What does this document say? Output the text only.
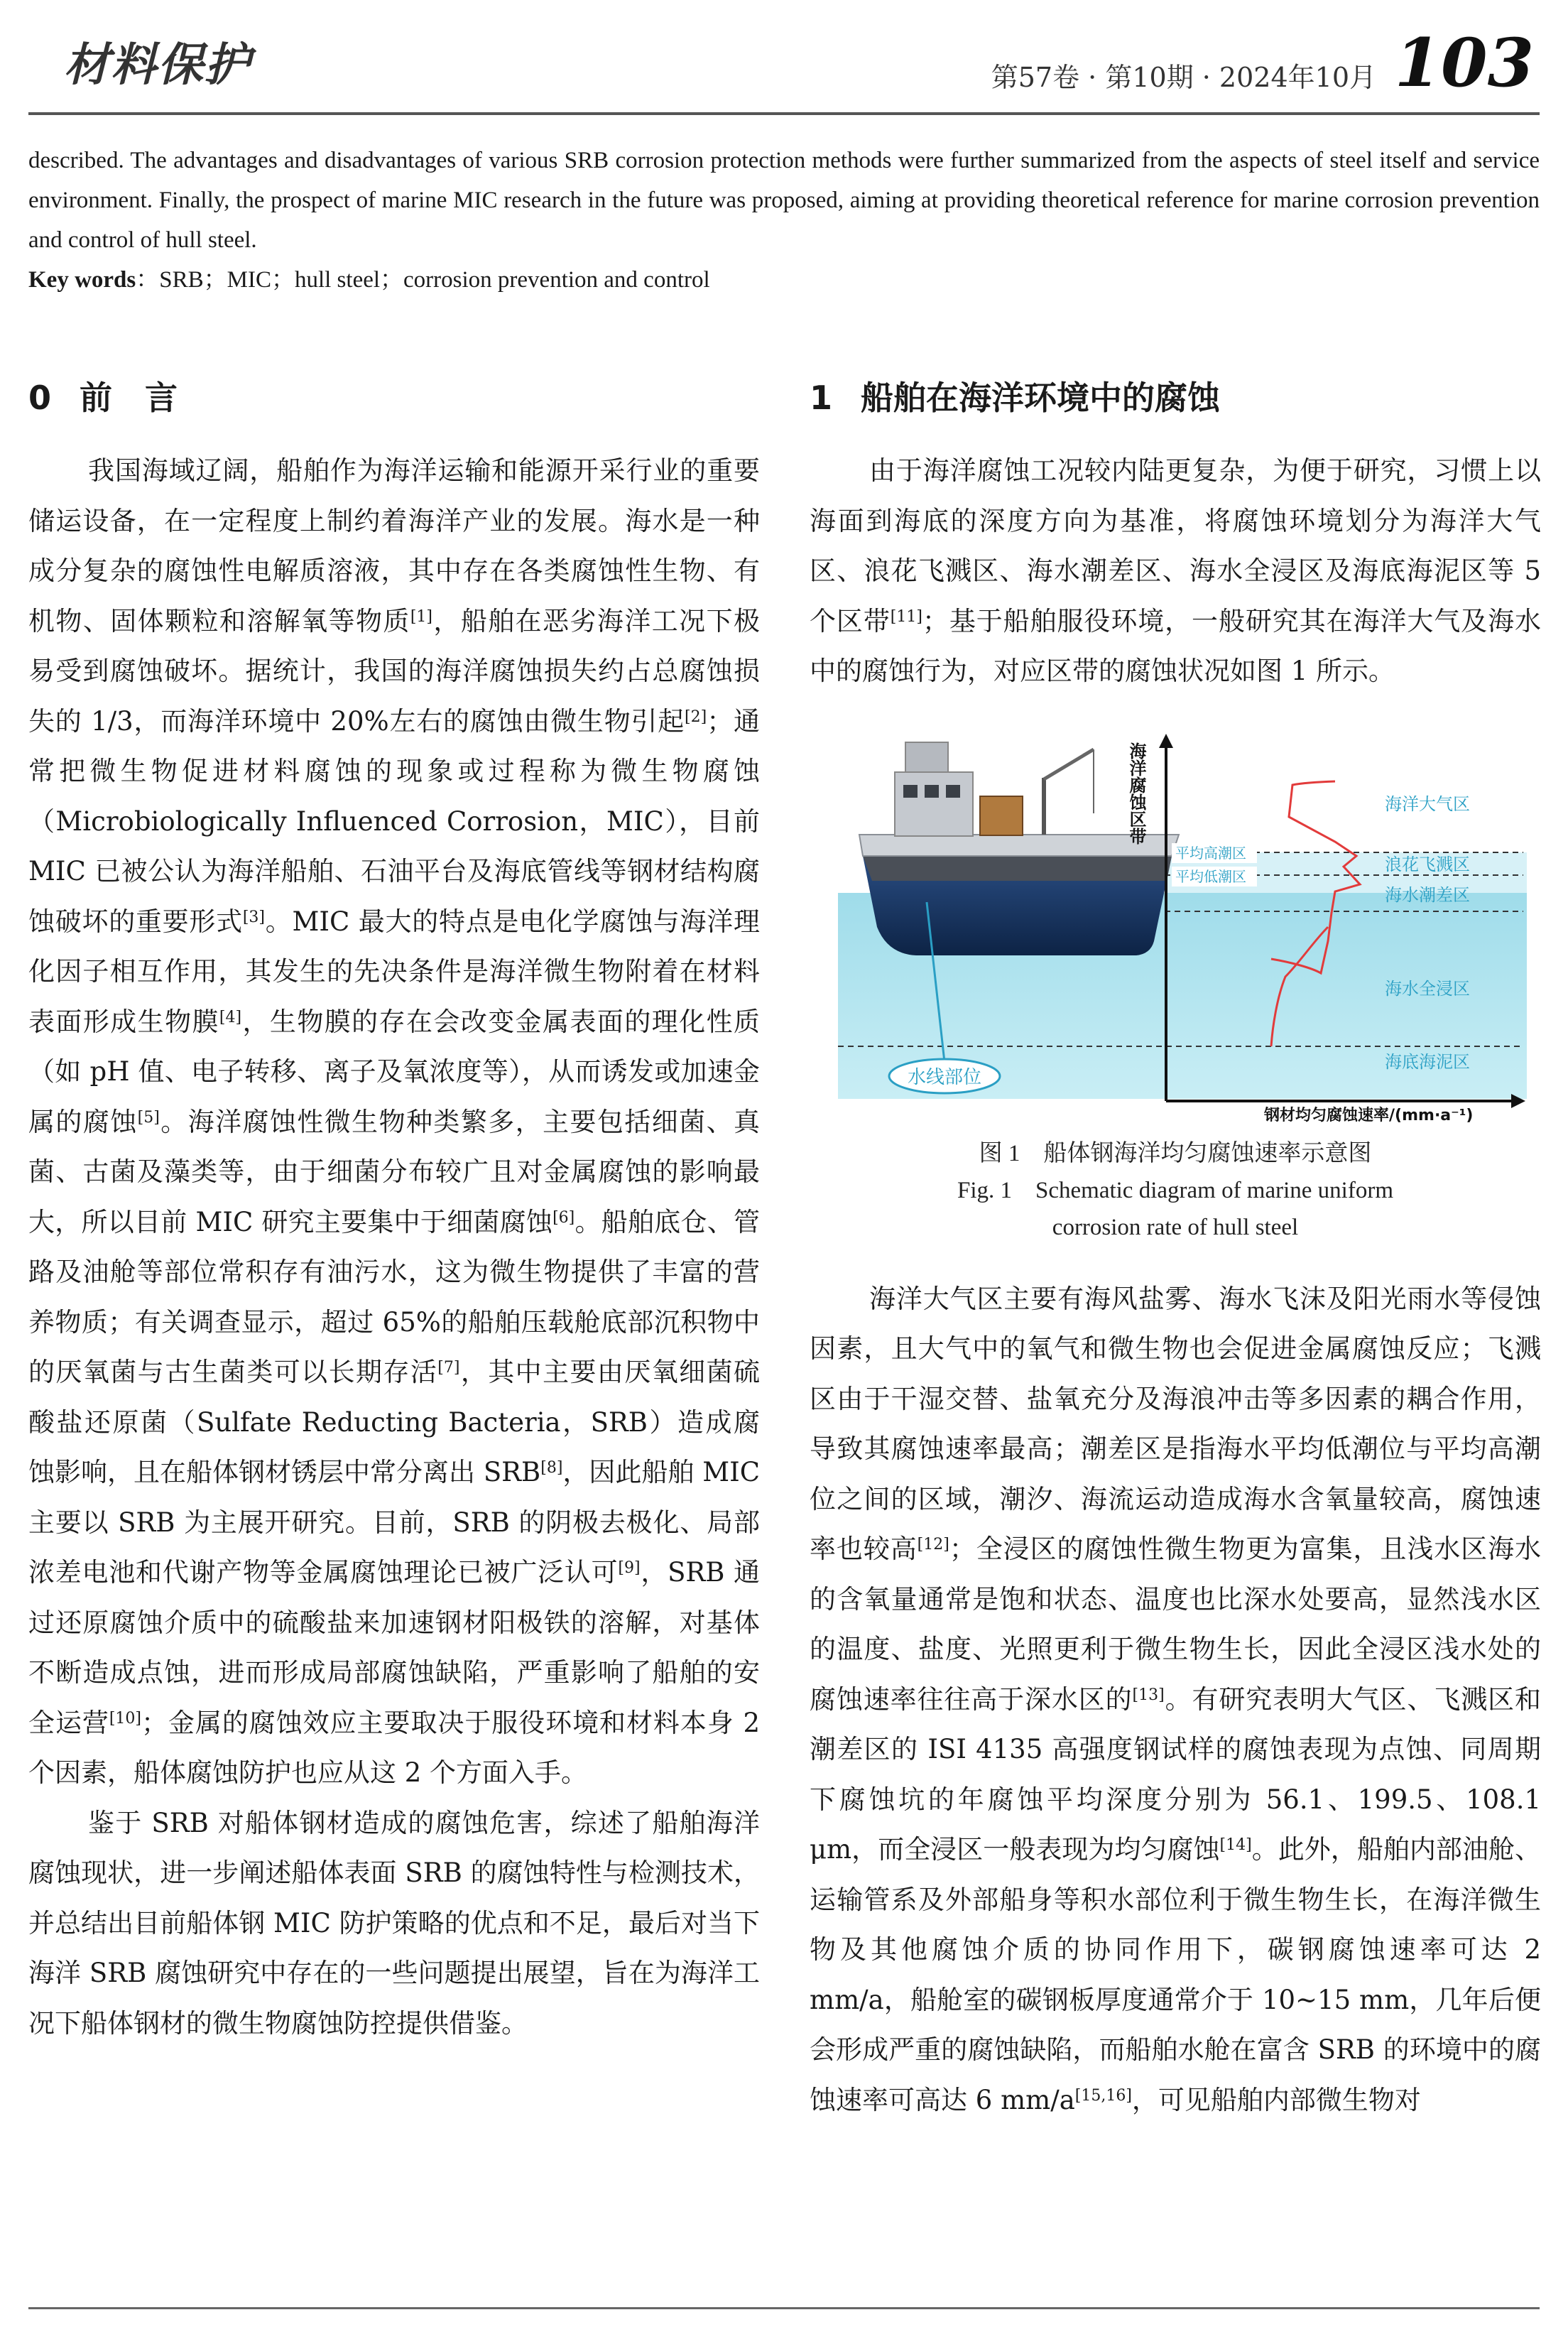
材料保护	第57卷 · 第10期 · 2024年10月 103

described. The advantages and disadvantages of various SRB corrosion protection methods were further summarized from the aspects of steel itself and service environment. Finally, the prospect of marine MIC research in the future was proposed, aiming at providing theoretical reference for marine corrosion prevention and control of hull steel.

Key words：SRB；MIC；hull steel；corrosion prevention and control

0 前　言

我国海域辽阔，船舶作为海洋运输和能源开采行业的重要储运设备，在一定程度上制约着海洋产业的发展。海水是一种成分复杂的腐蚀性电解质溶液，其中存在各类腐蚀性生物、有机物、固体颗粒和溶解氧等物质[1]，船舶在恶劣海洋工况下极易受到腐蚀破坏。据统计，我国的海洋腐蚀损失约占总腐蚀损失的 1/3，而海洋环境中 20%左右的腐蚀由微生物引起[2]；通常把微生物促进材料腐蚀的现象或过程称为微生物腐蚀（Microbiologically Influenced Corrosion，MIC），目前 MIC 已被公认为海洋船舶、石油平台及海底管线等钢材结构腐蚀破坏的重要形式[3]。MIC 最大的特点是电化学腐蚀与海洋理化因子相互作用，其发生的先决条件是海洋微生物附着在材料表面形成生物膜[4]，生物膜的存在会改变金属表面的理化性质（如 pH 值、电子转移、离子及氧浓度等），从而诱发或加速金属的腐蚀[5]。海洋腐蚀性微生物种类繁多，主要包括细菌、真菌、古菌及藻类等，由于细菌分布较广且对金属腐蚀的影响最大，所以目前 MIC 研究主要集中于细菌腐蚀[6]。船舶底仓、管路及油舱等部位常积存有油污水，这为微生物提供了丰富的营养物质；有关调查显示，超过 65%的船舶压载舱底部沉积物中的厌氧菌与古生菌类可以长期存活[7]，其中主要由厌氧细菌硫酸盐还原菌（Sulfate Reducting Bacteria，SRB）造成腐蚀影响，且在船体钢材锈层中常分离出 SRB[8]，因此船舶 MIC 主要以 SRB 为主展开研究。目前，SRB 的阴极去极化、局部浓差电池和代谢产物等金属腐蚀理论已被广泛认可[9]，SRB 通过还原腐蚀介质中的硫酸盐来加速钢材阳极铁的溶解，对基体不断造成点蚀，进而形成局部腐蚀缺陷，严重影响了船舶的安全运营[10]；金属的腐蚀效应主要取决于服役环境和材料本身 2 个因素，船体腐蚀防护也应从这 2 个方面入手。

鉴于 SRB 对船体钢材造成的腐蚀危害，综述了船舶海洋腐蚀现状，进一步阐述船体表面 SRB 的腐蚀特性与检测技术，并总结出目前船体钢 MIC 防护策略的优点和不足，最后对当下海洋 SRB 腐蚀研究中存在的一些问题提出展望，旨在为海洋工况下船体钢材的微生物腐蚀防控提供借鉴。

1 船舶在海洋环境中的腐蚀

由于海洋腐蚀工况较内陆更复杂，为便于研究，习惯上以海面到海底的深度方向为基准，将腐蚀环境划分为海洋大气区、浪花飞溅区、海水潮差区、海水全浸区及海底海泥区等 5 个区带[11]；基于船舶服役环境，一般研究其在海洋大气及海水中的腐蚀行为，对应区带的腐蚀状况如图 1 所示。

水线部位
海洋腐蚀区带
钢材均匀腐蚀速率/(mm·a⁻¹)
平均高潮区
平均低潮区
海洋大气区
浪花飞溅区
海水潮差区
海水全浸区
海底海泥区
图 1　船体钢海洋均匀腐蚀速率示意图
Fig. 1　Schematic diagram of marine uniform
corrosion rate of hull steel

海洋大气区主要有海风盐雾、海水飞沫及阳光雨水等侵蚀因素，且大气中的氧气和微生物也会促进金属腐蚀反应；飞溅区由于干湿交替、盐氧充分及海浪冲击等多因素的耦合作用，导致其腐蚀速率最高；潮差区是指海水平均低潮位与平均高潮位之间的区域，潮汐、海流运动造成海水含氧量较高，腐蚀速率也较高[12]；全浸区的腐蚀性微生物更为富集，且浅水区海水的含氧量通常是饱和状态、温度也比深水处要高，显然浅水区的温度、盐度、光照更利于微生物生长，因此全浸区浅水处的腐蚀速率往往高于深水区的[13]。有研究表明大气区、飞溅区和潮差区的 ISI 4135 高强度钢试样的腐蚀表现为点蚀、同周期下腐蚀坑的年腐蚀平均深度分别为 56.1、199.5、108.1 μm，而全浸区一般表现为均匀腐蚀[14]。此外，船舶内部油舱、运输管系及外部船身等积水部位利于微生物生长，在海洋微生物及其他腐蚀介质的协同作用下，碳钢腐蚀速率可达 2 mm/a，船舱室的碳钢板厚度通常介于 10~15 mm，几年后便会形成严重的腐蚀缺陷，而船舶水舱在富含 SRB 的环境中的腐蚀速率可高达 6 mm/a[15,16]，可见船舶内部微生物对
